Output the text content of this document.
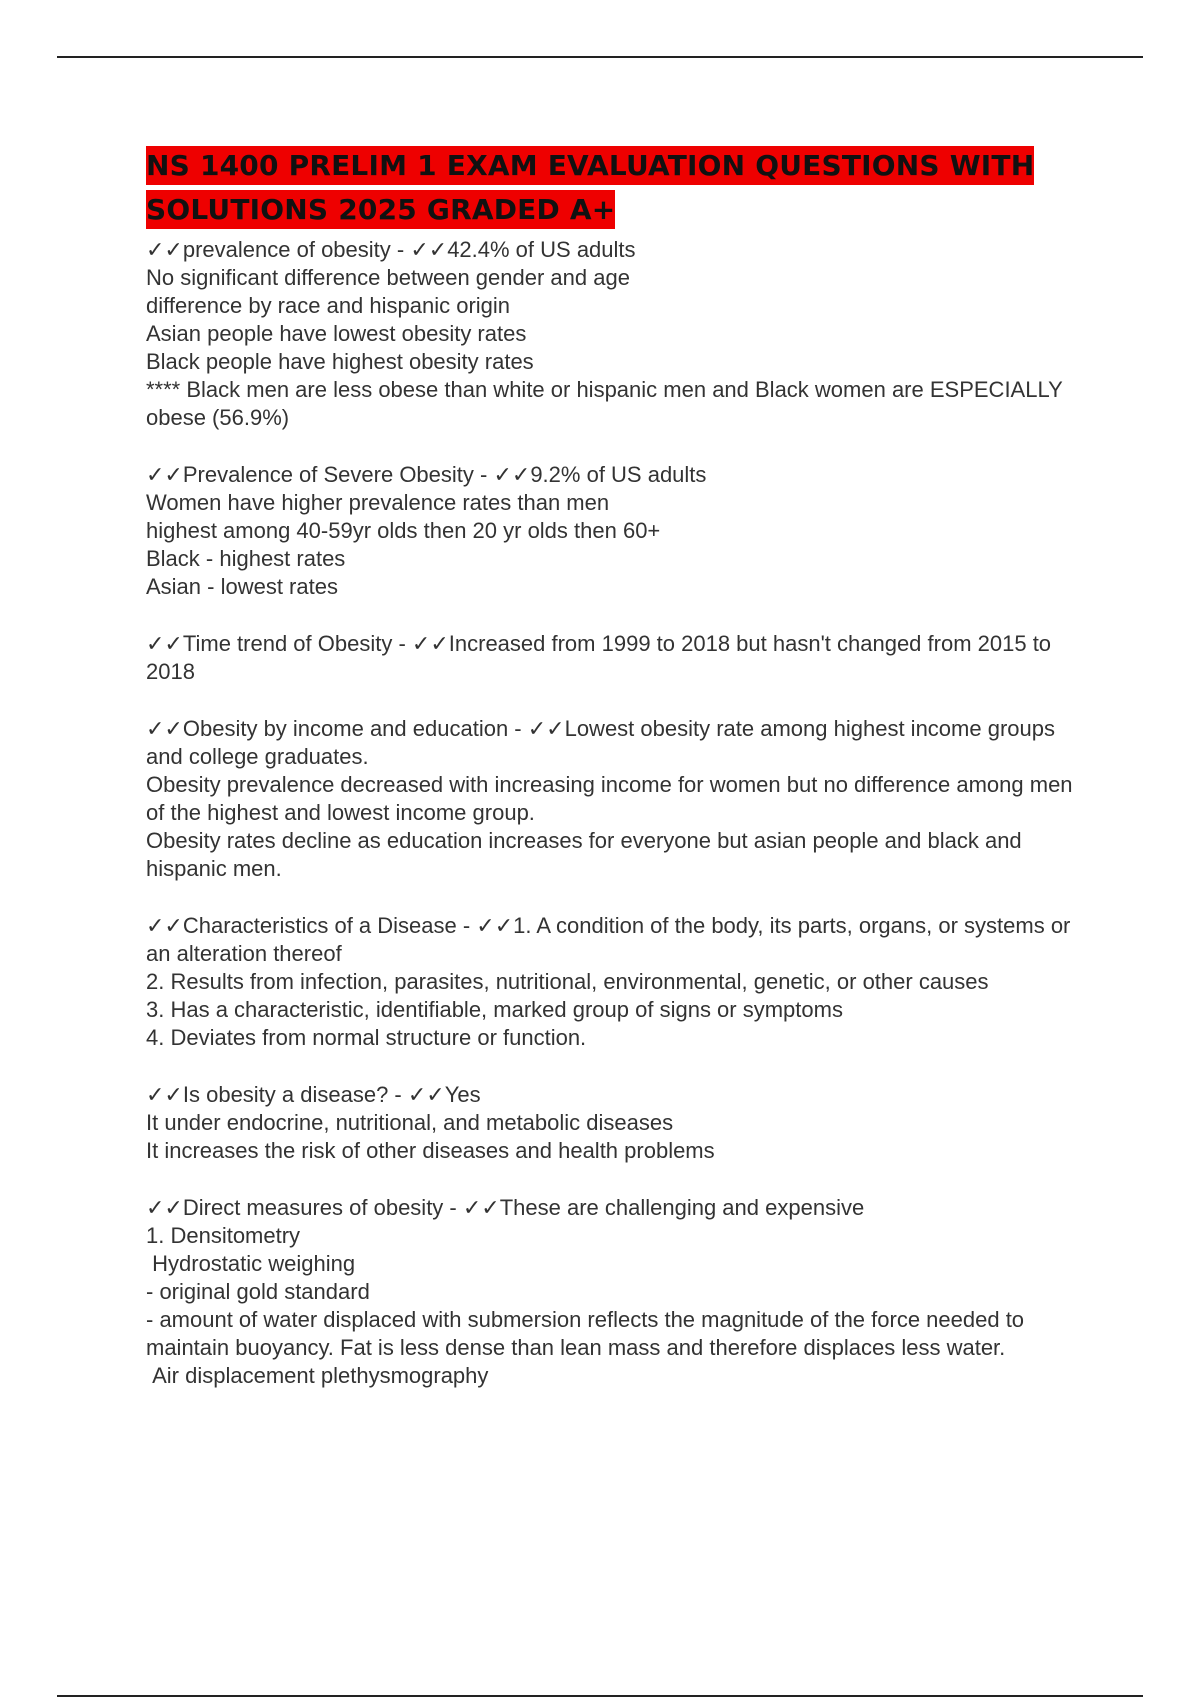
NS 1400 PRELIM 1 EXAM EVALUATION QUESTIONS WITH SOLUTIONS 2025 GRADED A+
✓✓prevalence of obesity - ✓✓42.4% of US adults
No significant difference between gender and age
difference by race and hispanic origin
Asian people have lowest obesity rates
Black people have highest obesity rates
**** Black men are less obese than white or hispanic men and Black women are ESPECIALLY obese (56.9%)
✓✓Prevalence of Severe Obesity - ✓✓9.2% of US adults
Women have higher prevalence rates than men
highest among 40-59yr olds then 20 yr olds then 60+
Black - highest rates
Asian - lowest rates
✓✓Time trend of Obesity - ✓✓Increased from 1999 to 2018 but hasn't changed from 2015 to 2018
✓✓Obesity by income and education - ✓✓Lowest obesity rate among highest income groups and college graduates.
Obesity prevalence decreased with increasing income for women but no difference among men of the highest and lowest income group.
Obesity rates decline as education increases for everyone but asian people and black and hispanic men.
✓✓Characteristics of a Disease - ✓✓1. A condition of the body, its parts, organs, or systems or an alteration thereof
2. Results from infection, parasites, nutritional, environmental, genetic, or other causes
3. Has a characteristic, identifiable, marked group of signs or symptoms
4. Deviates from normal structure or function.
✓✓Is obesity a disease? - ✓✓Yes
It under endocrine, nutritional, and metabolic diseases
It increases the risk of other diseases and health problems
✓✓Direct measures of obesity - ✓✓These are challenging and expensive
1. Densitometry
Hydrostatic weighing
- original gold standard
- amount of water displaced with submersion reflects the magnitude of the force needed to maintain buoyancy. Fat is less dense than lean mass and therefore displaces less water.
Air displacement plethysmography
